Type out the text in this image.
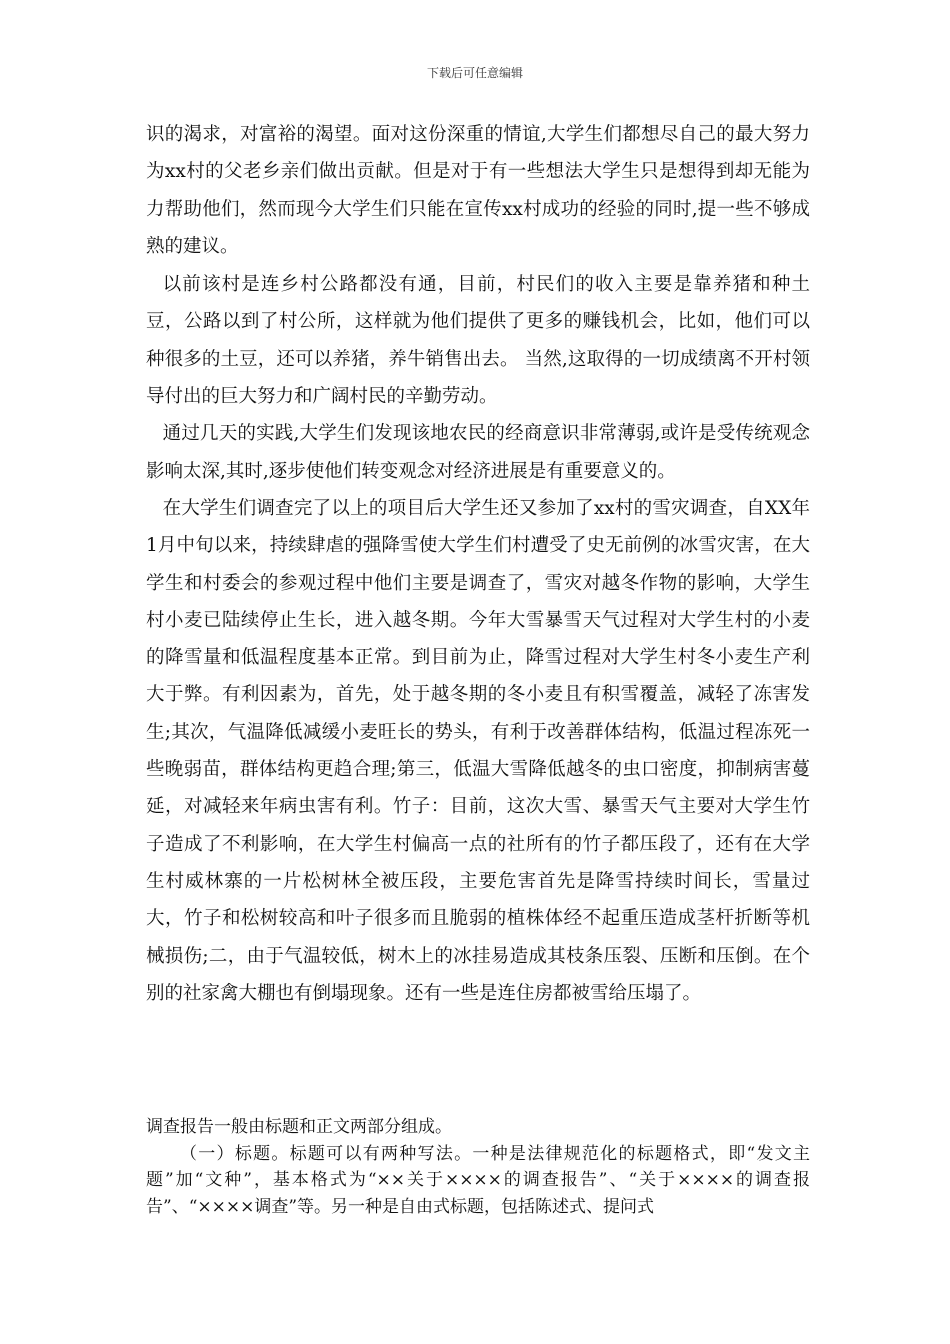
下载后可任意编辑

识的渴求，对富裕的渴望。面对这份深重的情谊,大学生们都想尽自己的最大努力为xx村的父老乡亲们做出贡献。但是对于有一些想法大学生只是想得到却无能为力帮助他们，然而现今大学生们只能在宣传xx村成功的经验的同时,提一些不够成熟的建议。

以前该村是连乡村公路都没有通，目前，村民们的收入主要是靠养猪和种土豆，公路以到了村公所，这样就为他们提供了更多的赚钱机会，比如，他们可以种很多的土豆，还可以养猪，养牛销售出去。 当然,这取得的一切成绩离不开村领导付出的巨大努力和广阔村民的辛勤劳动。

通过几天的实践,大学生们发现该地农民的经商意识非常薄弱,或许是受传统观念影响太深,其时,逐步使他们转变观念对经济进展是有重要意义的。

在大学生们调查完了以上的项目后大学生还又参加了xx村的雪灾调查，自XX年1月中旬以来，持续肆虐的强降雪使大学生们村遭受了史无前例的冰雪灾害，在大学生和村委会的参观过程中他们主要是调查了，雪灾对越冬作物的影响，大学生村小麦已陆续停止生长，进入越冬期。今年大雪暴雪天气过程对大学生村的小麦的降雪量和低温程度基本正常。到目前为止，降雪过程对大学生村冬小麦生产利大于弊。有利因素为，首先，处于越冬期的冬小麦且有积雪覆盖，减轻了冻害发生;其次，气温降低减缓小麦旺长的势头，有利于改善群体结构，低温过程冻死一些晚弱苗，群体结构更趋合理;第三，低温大雪降低越冬的虫口密度，抑制病害蔓延，对减轻来年病虫害有利。竹子：目前，这次大雪、暴雪天气主要对大学生竹子造成了不利影响，在大学生村偏高一点的社所有的竹子都压段了，还有在大学生村威林寨的一片松树林全被压段，主要危害首先是降雪持续时间长，雪量过大，竹子和松树较高和叶子很多而且脆弱的植株体经不起重压造成茎杆折断等机械损伤;二，由于气温较低，树木上的冰挂易造成其枝条压裂、压断和压倒。在个别的社家禽大棚也有倒塌现象。还有一些是连住房都被雪给压塌了。

调查报告一般由标题和正文两部分组成。

（一）标题。标题可以有两种写法。一种是法律规范化的标题格式，即“发文主题”加“文种”，基本格式为“××关于××××的调查报告”、“关于××××的调查报告”、“××××调查”等。另一种是自由式标题，包括陈述式、提问式
